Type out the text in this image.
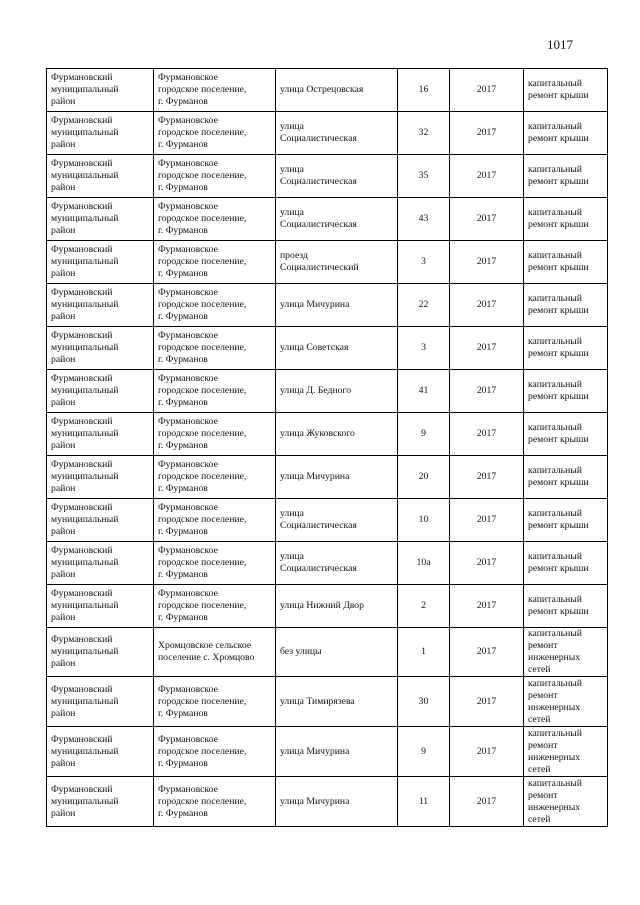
1017
Фурмановский
муниципальный
район	Фурмановское
городское поселение,
г. Фурманов	улица Острецовская	16	2017	капитальный
ремонт крыши

Фурмановский
муниципальный
район	Фурмановское
городское поселение,
г. Фурманов	улица
Социалистическая	32	2017	капитальный
ремонт крыши

Фурмановский
муниципальный
район	Фурмановское
городское поселение,
г. Фурманов	улица
Социалистическая	35	2017	капитальный
ремонт крыши

Фурмановский
муниципальный
район	Фурмановское
городское поселение,
г. Фурманов	улица
Социалистическая	43	2017	капитальный
ремонт крыши

Фурмановский
муниципальный
район	Фурмановское
городское поселение,
г. Фурманов	проезд
Социалистический	3	2017	капитальный
ремонт крыши

Фурмановский
муниципальный
район	Фурмановское
городское поселение,
г. Фурманов	улица Мичурина	22	2017	капитальный
ремонт крыши

Фурмановский
муниципальный
район	Фурмановское
городское поселение,
г. Фурманов	улица Советская	3	2017	капитальный
ремонт крыши

Фурмановский
муниципальный
район	Фурмановское
городское поселение,
г. Фурманов	улица Д. Бедного	41	2017	капитальный
ремонт крыши

Фурмановский
муниципальный
район	Фурмановское
городское поселение,
г. Фурманов	улица Жуковского	9	2017	капитальный
ремонт крыши

Фурмановский
муниципальный
район	Фурмановское
городское поселение,
г. Фурманов	улица Мичурина	20	2017	капитальный
ремонт крыши

Фурмановский
муниципальный
район	Фурмановское
городское поселение,
г. Фурманов	улица
Социалистическая	10	2017	капитальный
ремонт крыши

Фурмановский
муниципальный
район	Фурмановское
городское поселение,
г. Фурманов	улица
Социалистическая	10а	2017	капитальный
ремонт крыши

Фурмановский
муниципальный
район	Фурмановское
городское поселение,
г. Фурманов	улица Нижний Двор	2	2017	капитальный
ремонт крыши

Фурмановский
муниципальный
район	Хромцовское сельское
поселение с. Хромцово	без улицы	1	2017	капитальный
ремонт
инженерных
сетей

Фурмановский
муниципальный
район	Фурмановское
городское поселение,
г. Фурманов	улица Тимирязева	30	2017	капитальный
ремонт
инженерных
сетей

Фурмановский
муниципальный
район	Фурмановское
городское поселение,
г. Фурманов	улица Мичурина	9	2017	капитальный
ремонт
инженерных
сетей

Фурмановский
муниципальный
район	Фурмановское
городское поселение,
г. Фурманов	улица Мичурина	11	2017	капитальный
ремонт
инженерных
сетей
